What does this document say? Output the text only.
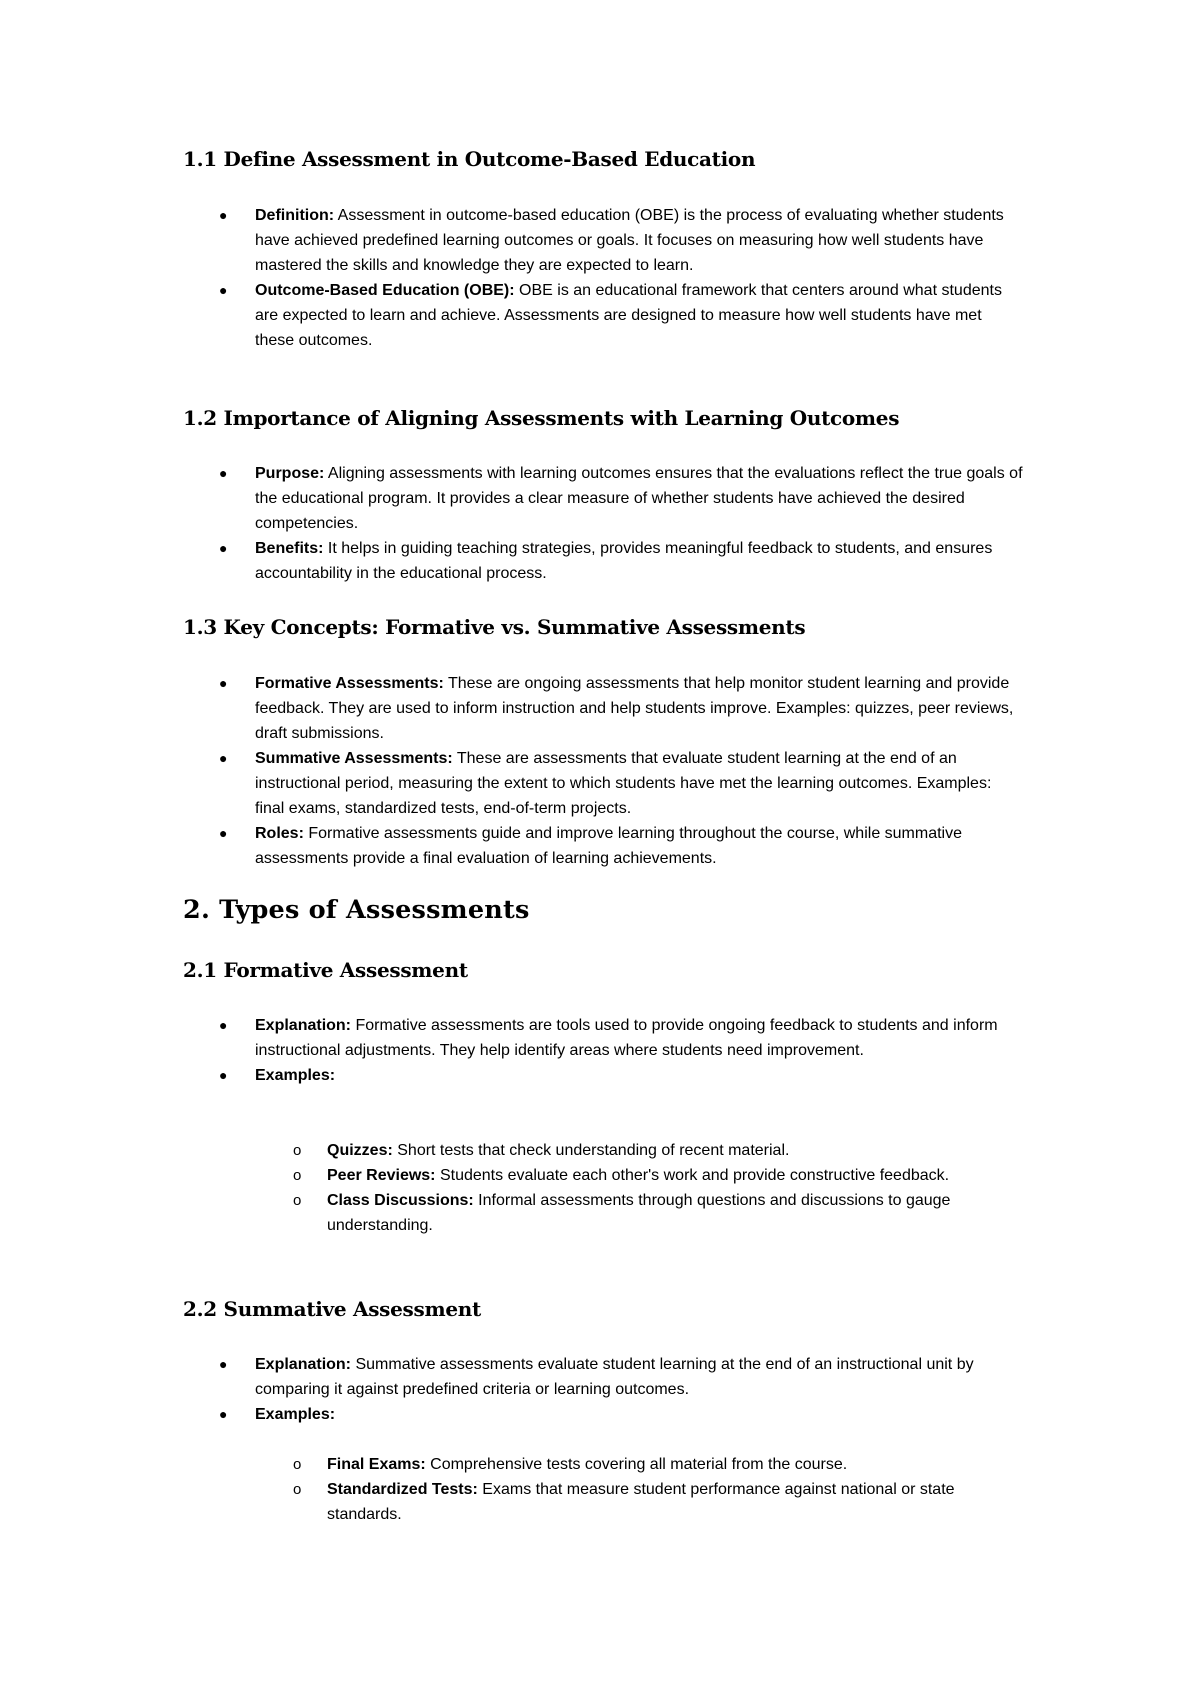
1.1 Define Assessment in Outcome-Based Education
● Definition: Assessment in outcome-based education (OBE) is the process of evaluating whether students have achieved predefined learning outcomes or goals. It focuses on measuring how well students have mastered the skills and knowledge they are expected to learn.
● Outcome-Based Education (OBE): OBE is an educational framework that centers around what students are expected to learn and achieve. Assessments are designed to measure how well students have met these outcomes.
1.2 Importance of Aligning Assessments with Learning Outcomes
● Purpose: Aligning assessments with learning outcomes ensures that the evaluations reflect the true goals of the educational program. It provides a clear measure of whether students have achieved the desired competencies.
● Benefits: It helps in guiding teaching strategies, provides meaningful feedback to students, and ensures accountability in the educational process.
1.3 Key Concepts: Formative vs. Summative Assessments
● Formative Assessments: These are ongoing assessments that help monitor student learning and provide feedback. They are used to inform instruction and help students improve. Examples: quizzes, peer reviews, draft submissions.
● Summative Assessments: These are assessments that evaluate student learning at the end of an instructional period, measuring the extent to which students have met the learning outcomes. Examples: final exams, standardized tests, end-of-term projects.
● Roles: Formative assessments guide and improve learning throughout the course, while summative assessments provide a final evaluation of learning achievements.
2. Types of Assessments
2.1 Formative Assessment
● Explanation: Formative assessments are tools used to provide ongoing feedback to students and inform instructional adjustments. They help identify areas where students need improvement.
● Examples:
o Quizzes: Short tests that check understanding of recent material.
o Peer Reviews: Students evaluate each other's work and provide constructive feedback.
o Class Discussions: Informal assessments through questions and discussions to gauge understanding.
2.2 Summative Assessment
● Explanation: Summative assessments evaluate student learning at the end of an instructional unit by comparing it against predefined criteria or learning outcomes.
● Examples:
o Final Exams: Comprehensive tests covering all material from the course.
o Standardized Tests: Exams that measure student performance against national or state standards.
